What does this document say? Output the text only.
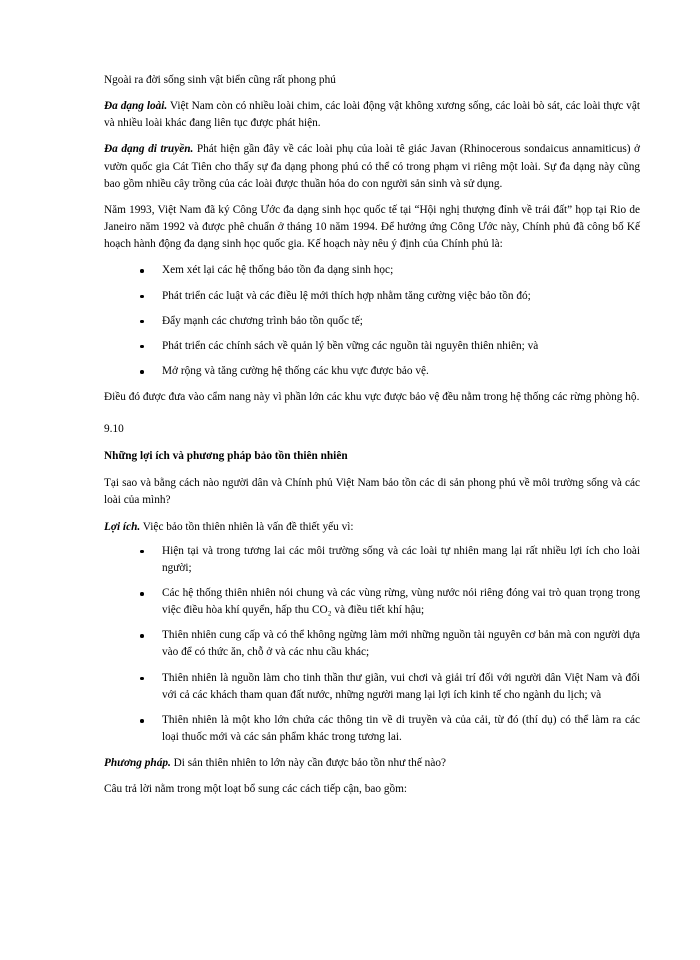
Ngoài ra đời sống sinh vật biển cũng rất phong phú

Đa dạng loài. Việt Nam còn có nhiều loài chim, các loài động vật không xương sống, các loài bò sát, các loài thực vật và nhiều loài khác đang liên tục được phát hiện.

Đa dạng di truyền. Phát hiện gần đây về các loài phụ của loài tê giác Javan (Rhinocerous sondaicus annamiticus) ở vườn quốc gia Cát Tiên cho thấy sự đa dạng phong phú có thể có trong phạm vi riêng một loài. Sự đa dạng này cũng bao gồm nhiều cây trồng của các loài được thuần hóa do con người sản sinh và sử dụng.

Năm 1993, Việt Nam đã ký Công Ước đa dạng sinh học quốc tế tại “Hội nghị thượng đỉnh về trái đất” họp tại Rio de Janeiro năm 1992 và được phê chuẩn ở tháng 10 năm 1994. Để hưởng ứng Công Ước này, Chính phủ đã công bố Kế hoạch hành động đa dạng sinh học quốc gia. Kế hoạch này nêu ý định của Chính phủ là:

Xem xét lại các hệ thống bảo tồn đa dạng sinh học;
Phát triển các luật và các điều lệ mới thích hợp nhằm tăng cường việc bảo tồn đó;
Đẩy mạnh các chương trình bảo tồn quốc tế;
Phát triển các chính sách về quản lý bền vững các nguồn tài nguyên thiên nhiên; và
Mở rộng và tăng cường hệ thống các khu vực được bảo vệ.

Điều đó được đưa vào cẩm nang này vì phần lớn các khu vực được bảo vệ đều nằm trong hệ thống các rừng phòng hộ.

9.10

Những lợi ích và phương pháp bảo tồn thiên nhiên

Tại sao và bằng cách nào người dân và Chính phủ Việt Nam bảo tồn các di sản phong phú về môi trường sống và các loài của mình?

Lợi ích. Việc bảo tồn thiên nhiên là vấn đề thiết yếu vì:

Hiện tại và trong tương lai các môi trường sống và các loài tự nhiên mang lại rất nhiều lợi ích cho loài người;
Các hệ thống thiên nhiên nói chung và các vùng rừng, vùng nước nói riêng đóng vai trò quan trọng trong việc điều hòa khí quyển, hấp thu CO₂ và điều tiết khí hậu;
Thiên nhiên cung cấp và có thể không ngừng làm mới những nguồn tài nguyên cơ bản mà con người dựa vào để có thức ăn, chỗ ở và các nhu cầu khác;
Thiên nhiên là nguồn làm cho tinh thần thư giãn, vui chơi và giải trí đối với người dân Việt Nam và đối với cả các khách tham quan đất nước, những người mang lại lợi ích kinh tế cho ngành du lịch; và
Thiên nhiên là một kho lớn chứa các thông tin về di truyền và của cải, từ đó (thí dụ) có thể làm ra các loại thuốc mới và các sản phẩm khác trong tương lai.

Phương pháp. Di sản thiên nhiên to lớn này cần được bảo tồn như thế nào?

Câu trả lời nằm trong một loạt bổ sung các cách tiếp cận, bao gồm:
